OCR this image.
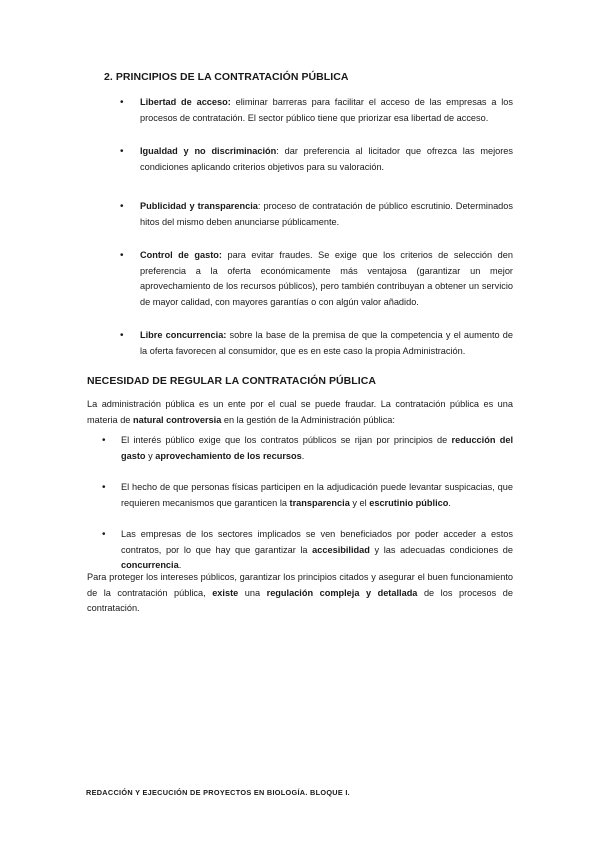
2. PRINCIPIOS DE LA CONTRATACIÓN PÚBLICA
• Libertad de acceso: eliminar barreras para facilitar el acceso de las empresas a los procesos de contratación. El sector público tiene que priorizar esa libertad de acceso.
• Igualdad y no discriminación: dar preferencia al licitador que ofrezca las mejores condiciones aplicando criterios objetivos para su valoración.
• Publicidad y transparencia: proceso de contratación de público escrutinio. Determinados hitos del mismo deben anunciarse públicamente.
• Control de gasto: para evitar fraudes. Se exige que los criterios de selección den preferencia a la oferta económicamente más ventajosa (garantizar un mejor aprovechamiento de los recursos públicos), pero también contribuyan a obtener un servicio de mayor calidad, con mayores garantías o con algún valor añadido.
• Libre concurrencia: sobre la base de la premisa de que la competencia y el aumento de la oferta favorecen al consumidor, que es en este caso la propia Administración.
NECESIDAD DE REGULAR LA CONTRATACIÓN PÚBLICA

La administración pública es un ente por el cual se puede fraudar. La contratación pública es una materia de natural controversia en la gestión de la Administración pública:

• El interés público exige que los contratos públicos se rijan por principios de reducción del gasto y aprovechamiento de los recursos.
• El hecho de que personas físicas participen en la adjudicación puede levantar suspicacias, que requieren mecanismos que garanticen la transparencia y el escrutinio público.
• Las empresas de los sectores implicados se ven beneficiados por poder acceder a estos contratos, por lo que hay que garantizar la accesibilidad y las adecuadas condiciones de concurrencia.

Para proteger los intereses públicos, garantizar los principios citados y asegurar el buen funcionamiento de la contratación pública, existe una regulación compleja y detallada de los procesos de contratación.

REDACCIÓN Y EJECUCIÓN DE PROYECTOS EN BIOLOGÍA. BLOQUE I.
